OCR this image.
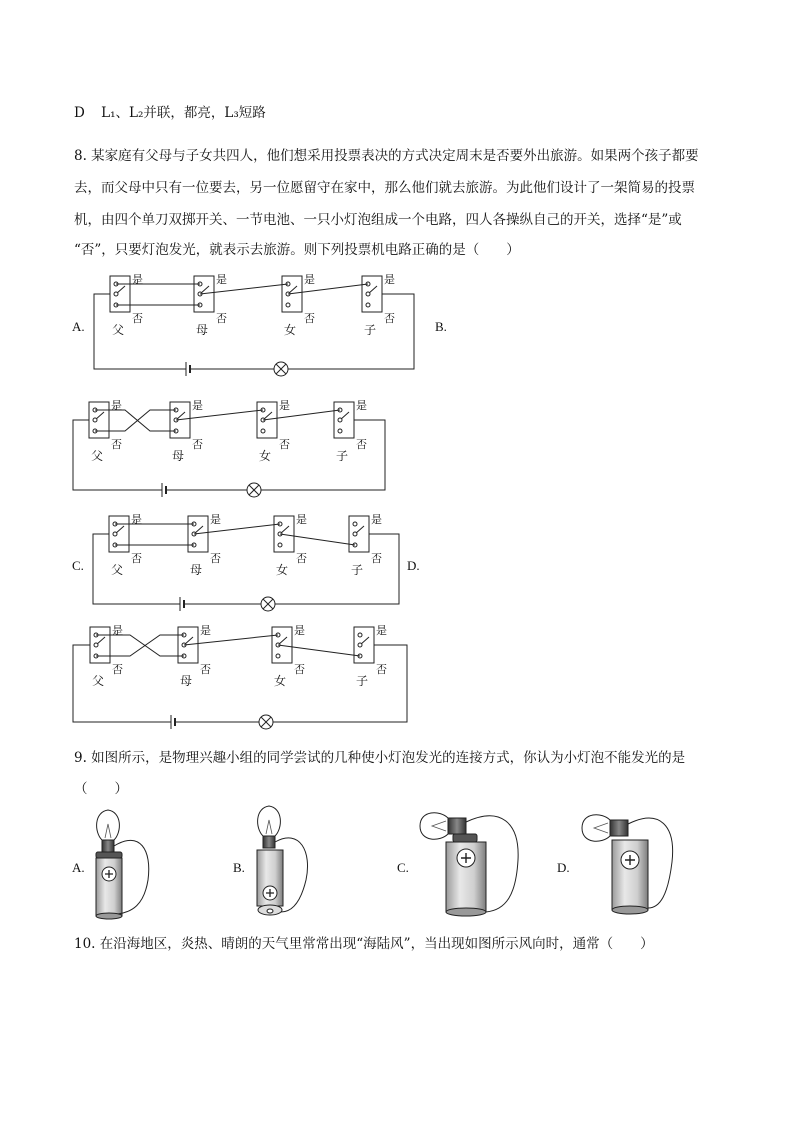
D L₁、L₂并联，都亮，L₃短路
8. 某家庭有父母与子女共四人，他们想采用投票表决的方式决定周末是否要外出旅游。如果两个孩子都要
去，而父母中只有一位要去，另一位愿留守在家中，那么他们就去旅游。为此他们设计了一架简易的投票
机，由四个单刀双掷开关、一节电池、一只小灯泡组成一个电路，四人各操纵自己的开关，选择“是”或
“否”，只要灯泡发光，就表示去旅游。则下列投票机电路正确的是（　　）
A.	B.
C.	D.
是
否
父
是
否
母
是
否
女
是
否
子
是
否
父
是
否
母
是
否
女
是
否
子
是
否
父
是
否
母
是
否
女
是
否
子
是
否
父
是
否
母
是
否
女
是
否
子
9. 如图所示，是物理兴趣小组的同学尝试的几种使小灯泡发光的连接方式，你认为小灯泡不能发光的是
（　　）
A.	B.	C.	D.
10. 在沿海地区，炎热、晴朗的天气里常常出现“海陆风”，当出现如图所示风向时，通常（　　）
